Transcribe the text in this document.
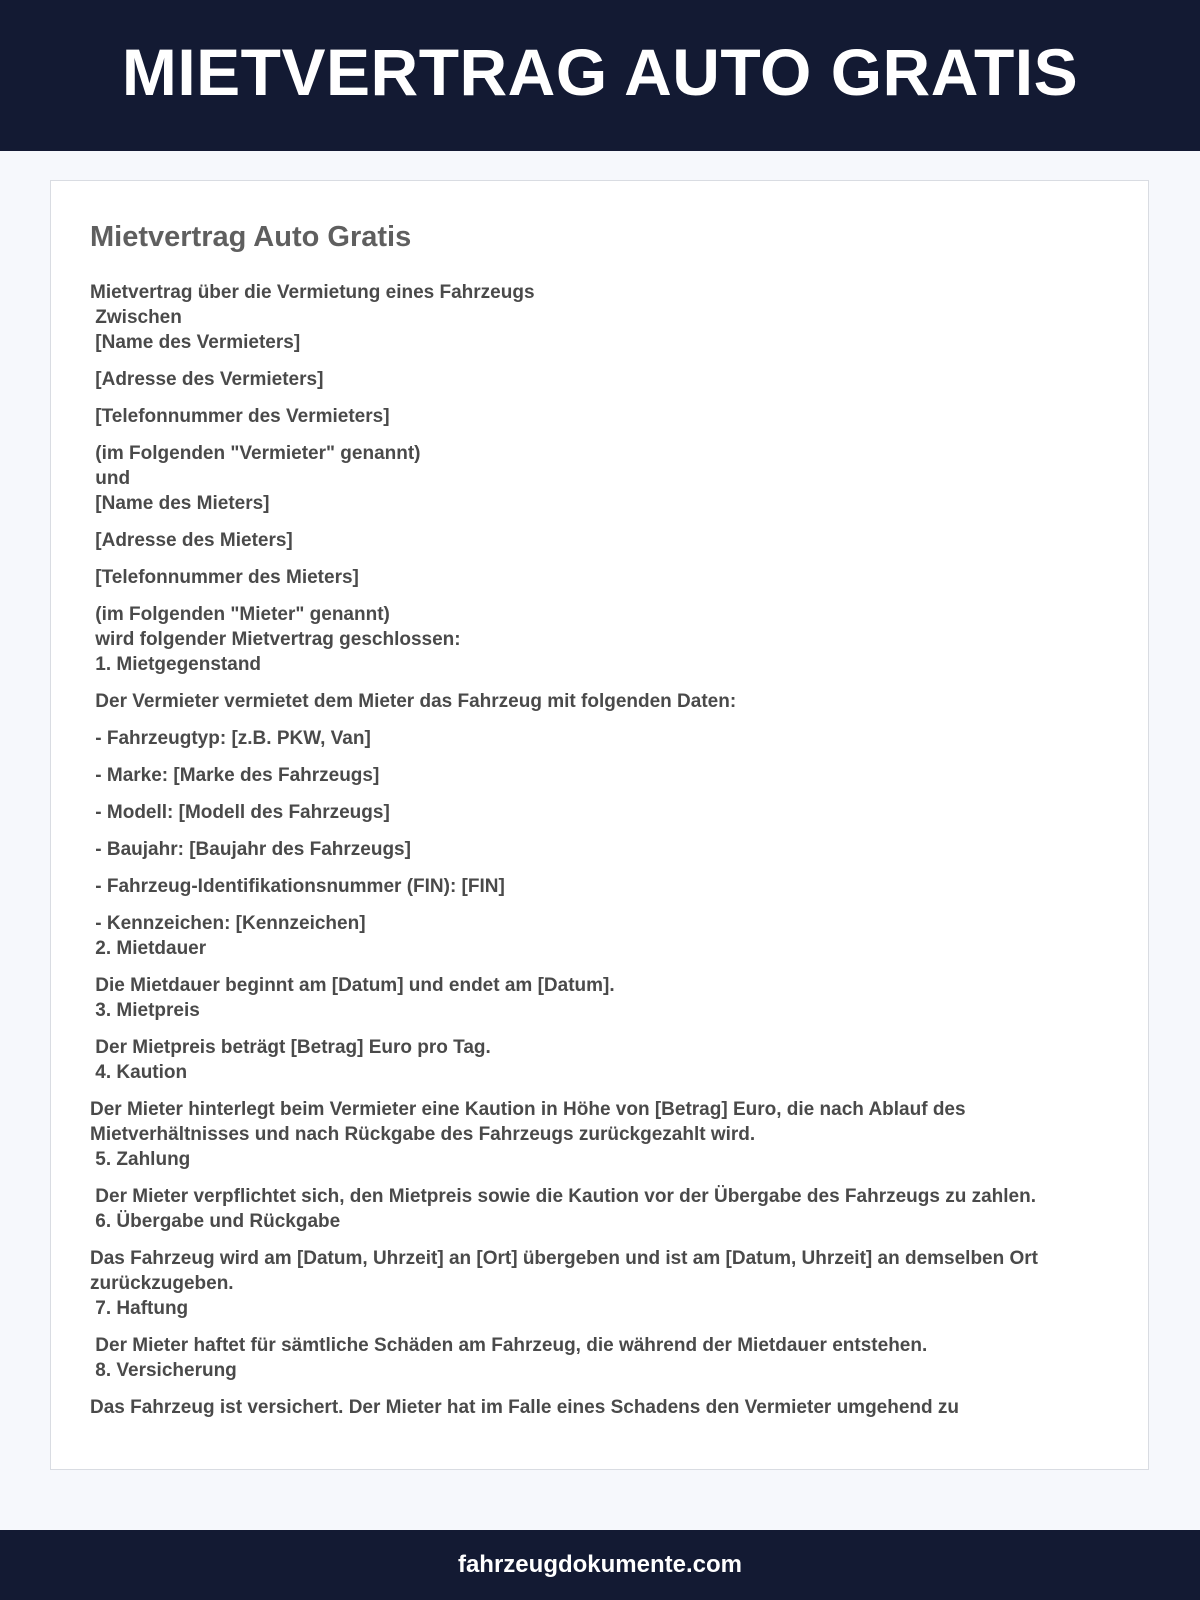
MIETVERTRAG AUTO GRATIS
Mietvertrag Auto Gratis
Mietvertrag über die Vermietung eines Fahrzeugs
Zwischen
[Name des Vermieters]
[Adresse des Vermieters]
[Telefonnummer des Vermieters]
(im Folgenden "Vermieter" genannt)
und
[Name des Mieters]
[Adresse des Mieters]
[Telefonnummer des Mieters]
(im Folgenden "Mieter" genannt)
wird folgender Mietvertrag geschlossen:
1. Mietgegenstand
Der Vermieter vermietet dem Mieter das Fahrzeug mit folgenden Daten:
- Fahrzeugtyp: [z.B. PKW, Van]
- Marke: [Marke des Fahrzeugs]
- Modell: [Modell des Fahrzeugs]
- Baujahr: [Baujahr des Fahrzeugs]
- Fahrzeug-Identifikationsnummer (FIN): [FIN]
- Kennzeichen: [Kennzeichen]
2. Mietdauer
Die Mietdauer beginnt am [Datum] und endet am [Datum].
3. Mietpreis
Der Mietpreis beträgt [Betrag] Euro pro Tag.
4. Kaution
Der Mieter hinterlegt beim Vermieter eine Kaution in Höhe von [Betrag] Euro, die nach Ablauf des Mietverhältnisses und nach Rückgabe des Fahrzeugs zurückgezahlt wird.
5. Zahlung
Der Mieter verpflichtet sich, den Mietpreis sowie die Kaution vor der Übergabe des Fahrzeugs zu zahlen.
6. Übergabe und Rückgabe
Das Fahrzeug wird am [Datum, Uhrzeit] an [Ort] übergeben und ist am [Datum, Uhrzeit] an demselben Ort zurückzugeben.
7. Haftung
Der Mieter haftet für sämtliche Schäden am Fahrzeug, die während der Mietdauer entstehen.
8. Versicherung
Das Fahrzeug ist versichert. Der Mieter hat im Falle eines Schadens den Vermieter umgehend zu
fahrzeugdokumente.com
